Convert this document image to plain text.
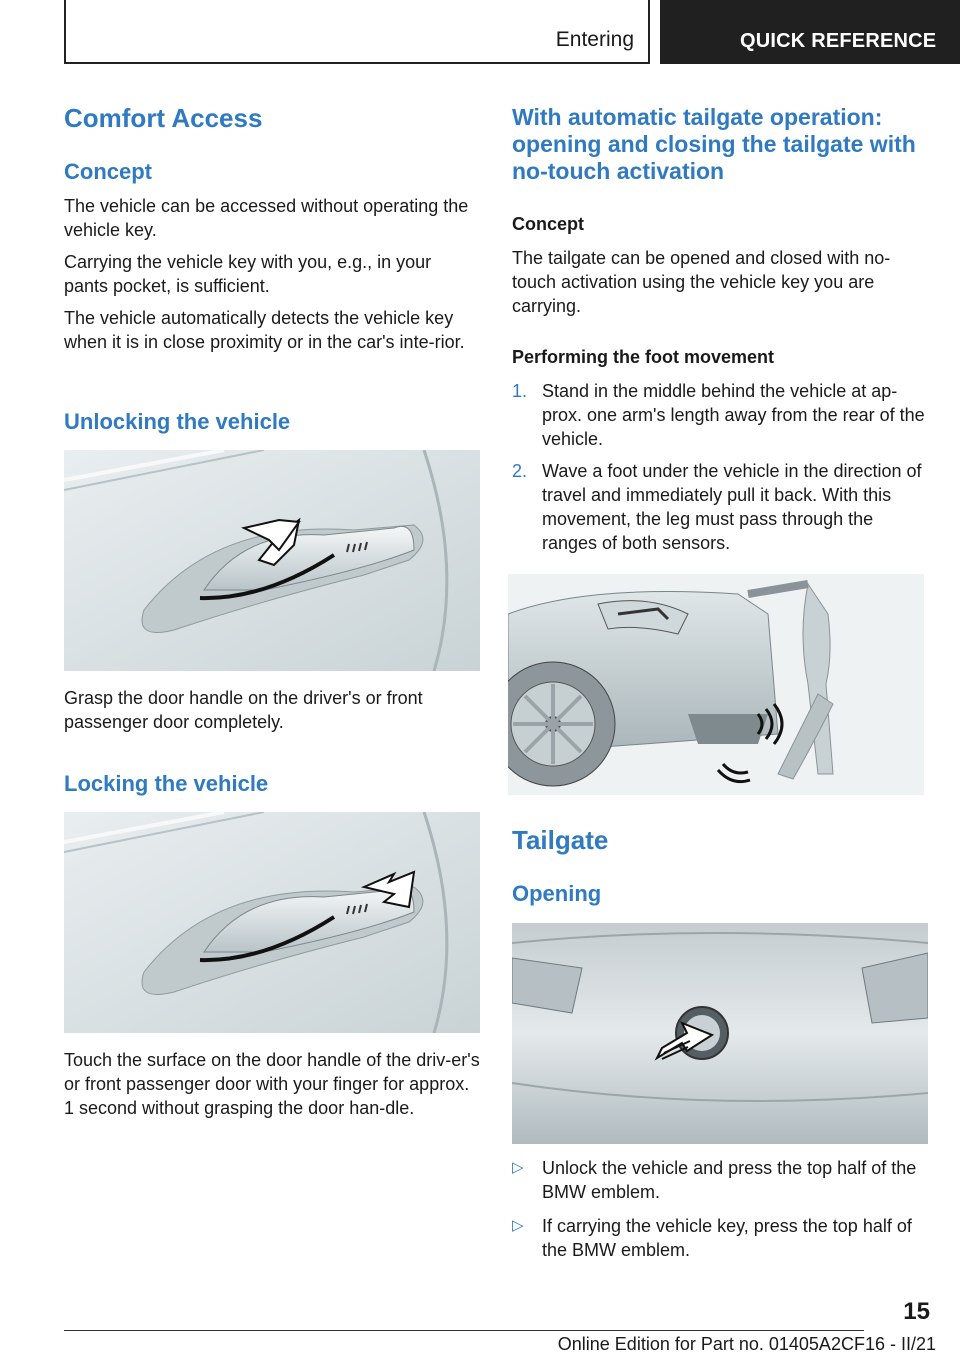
Entering	QUICK REFERENCE
Comfort Access
Concept

The vehicle can be accessed without operating the vehicle key.

Carrying the vehicle key with you, e.g., in your pants pocket, is sufficient.

The vehicle automatically detects the vehicle key when it is in close proximity or in the car's inte‐rior.

Unlocking the vehicle

Grasp the door handle on the driver's or front passenger door completely.

Locking the vehicle

Touch the surface on the door handle of the driv‐er's or front passenger door with your finger for approx. 1 second without grasping the door han‐dle.

With automatic tailgate operation: opening and closing the tailgate with no-touch activation
Concept

The tailgate can be opened and closed with no-touch activation using the vehicle key you are carrying.

Performing the foot movement
1. Stand in the middle behind the vehicle at ap‐prox. one arm's length away from the rear of the vehicle.
2. Wave a foot under the vehicle in the direction of travel and immediately pull it back. With this movement, the leg must pass through the ranges of both sensors.
Tailgate
Opening
▷ Unlock the vehicle and press the top half of the BMW emblem.
▷ If carrying the vehicle key, press the top half of the BMW emblem.
15
Online Edition for Part no. 01405A2CF16 - II/21
